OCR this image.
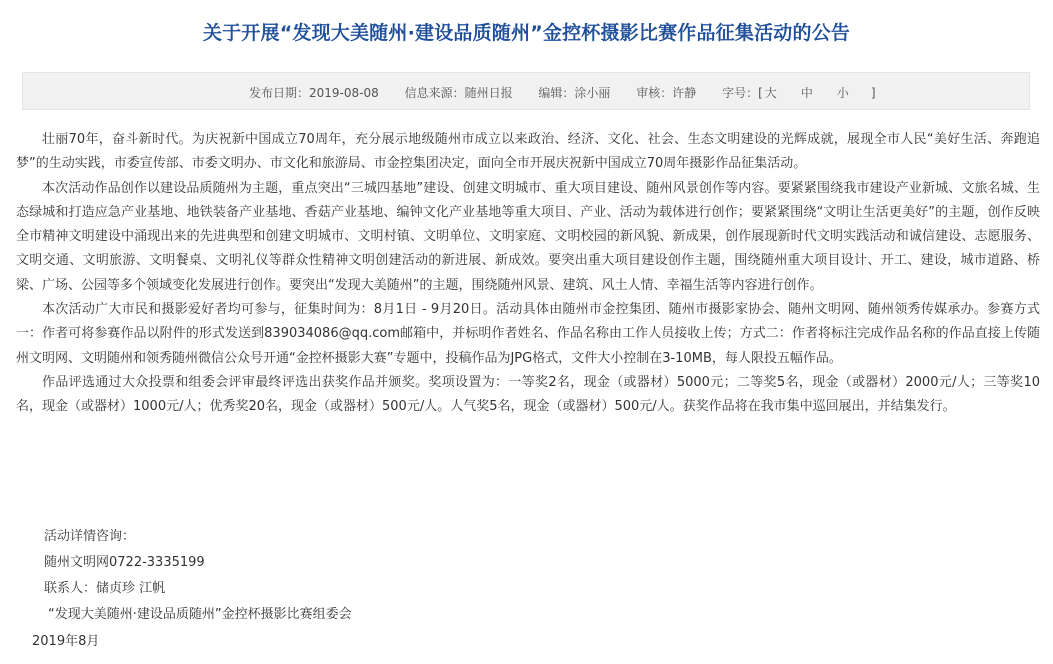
关于开展“发现大美随州·建设品质随州”金控杯摄影比赛作品征集活动的公告
发布日期：2019-08-08 信息来源：随州日报 编辑：涂小丽 审核：许静 字号：[ 大 中 小 ]

壮丽70年，奋斗新时代。为庆祝新中国成立70周年，充分展示地级随州市成立以来政治、经济、文化、社会、生态文明建设的光辉成就，展现全市人民“美好生活、奔跑追梦”的生动实践，市委宣传部、市委文明办、市文化和旅游局、市金控集团决定，面向全市开展庆祝新中国成立70周年摄影作品征集活动。

本次活动作品创作以建设品质随州为主题，重点突出“三城四基地”建设、创建文明城市、重大项目建设、随州风景创作等内容。要紧紧围绕我市建设产业新城、文旅名城、生态绿城和打造应急产业基地、地铁装备产业基地、香菇产业基地、编钟文化产业基地等重大项目、产业、活动为载体进行创作；要紧紧围绕“文明让生活更美好”的主题，创作反映全市精神文明建设中涌现出来的先进典型和创建文明城市、文明村镇、文明单位、文明家庭、文明校园的新风貌、新成果，创作展现新时代文明实践活动和诚信建设、志愿服务、文明交通、文明旅游、文明餐桌、文明礼仪等群众性精神文明创建活动的新进展、新成效。要突出重大项目建设创作主题，围绕随州重大项目设计、开工、建设，城市道路、桥梁、广场、公园等多个领域变化发展进行创作。要突出“发现大美随州”的主题，围绕随州风景、建筑、风土人情、幸福生活等内容进行创作。

本次活动广大市民和摄影爱好者均可参与，征集时间为：8月1日 - 9月20日。活动具体由随州市金控集团、随州市摄影家协会、随州文明网、随州领秀传媒承办。参赛方式一：作者可将参赛作品以附件的形式发送到839034086@qq.com邮箱中，并标明作者姓名、作品名称由工作人员接收上传；方式二：作者将标注完成作品名称的作品直接上传随州文明网、文明随州和领秀随州微信公众号开通“金控杯摄影大赛”专题中，投稿作品为JPG格式，文件大小控制在3-10MB，每人限投五幅作品。

作品评选通过大众投票和组委会评审最终评选出获奖作品并颁奖。奖项设置为：一等奖2名，现金（或器材）5000元；二等奖5名，现金（或器材）2000元/人；三等奖10名，现金（或器材）1000元/人；优秀奖20名，现金（或器材）500元/人。人气奖5名，现金（或器材）500元/人。获奖作品将在我市集中巡回展出，并结集发行。

活动详情咨询：
随州文明网0722-3335199
联系人：储贞珍 江帆
“发现大美随州·建设品质随州”金控杯摄影比赛组委会
2019年8月
